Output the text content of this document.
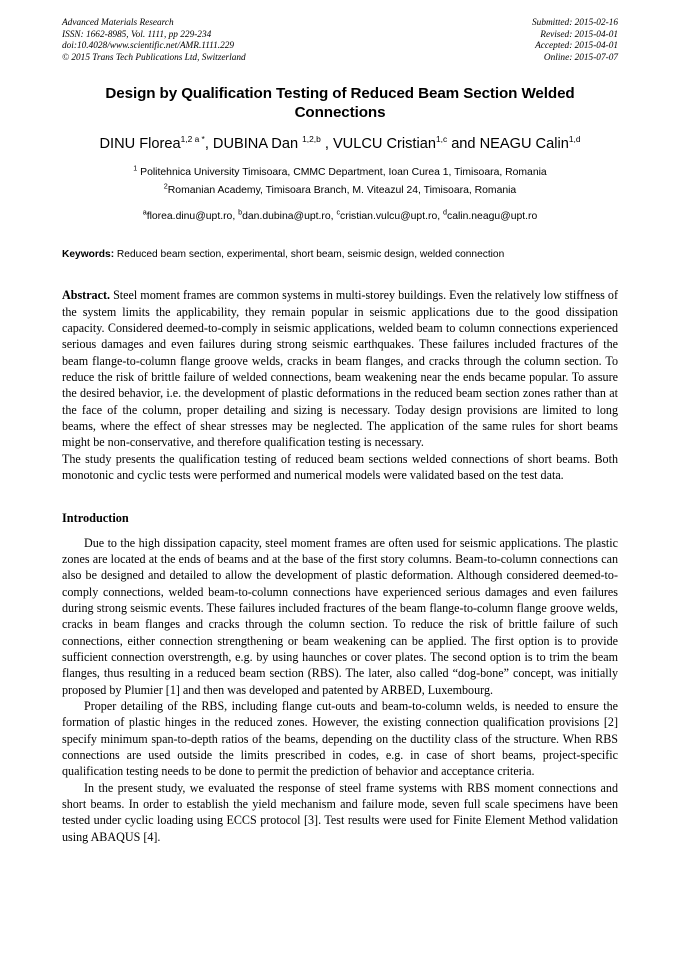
Advanced Materials Research
ISSN: 1662-8985, Vol. 1111, pp 229-234
doi:10.4028/www.scientific.net/AMR.1111.229
© 2015 Trans Tech Publications Ltd, Switzerland
Submitted: 2015-02-16
Revised: 2015-04-01
Accepted: 2015-04-01
Online: 2015-07-07
Design by Qualification Testing of Reduced Beam Section Welded Connections
DINU Florea$^{1,2 a *}$, DUBINA Dan $^{1,2,b}$ , VULCU Cristian$^{1,c}$ and NEAGU Calin$^{1,d}$
$^1$ Politehnica University Timisoara, CMMC Department, Ioan Curea 1, Timisoara, Romania
$^2$Romanian Academy, Timisoara Branch, M. Viteazul 24, Timisoara, Romania
$^a$florea.dinu@upt.ro, $^b$dan.dubina@upt.ro, $^c$cristian.vulcu@upt.ro, $^d$calin.neagu@upt.ro
Keywords: Reduced beam section, experimental, short beam, seismic design, welded connection

Abstract. Steel moment frames are common systems in multi-storey buildings. Even the relatively low stiffness of the system limits the applicability, they remain popular in seismic applications due to the good dissipation capacity. Considered deemed-to-comply in seismic applications, welded beam to column connections experienced serious damages and even failures during strong seismic earthquakes. These failures included fractures of the beam flange-to-column flange groove welds, cracks in beam flanges, and cracks through the column section. To reduce the risk of brittle failure of welded connections, beam weakening near the ends became popular. To assure the desired behavior, i.e. the development of plastic deformations in the reduced beam section zones rather than at the face of the column, proper detailing and sizing is necessary. Today design provisions are limited to long beams, where the effect of shear stresses may be neglected. The application of the same rules for short beams might be non-conservative, and therefore qualification testing is necessary.

The study presents the qualification testing of reduced beam sections welded connections of short beams. Both monotonic and cyclic tests were performed and numerical models were validated based on the test data.

Introduction

Due to the high dissipation capacity, steel moment frames are often used for seismic applications. The plastic zones are located at the ends of beams and at the base of the first story columns. Beam-to-column connections can also be designed and detailed to allow the development of plastic deformation. Although considered deemed-to-comply connections, welded beam-to-column connections have experienced serious damages and even failures during strong seismic events. These failures included fractures of the beam flange-to-column flange groove welds, cracks in beam flanges and cracks through the column section. To reduce the risk of brittle failure of such connections, either connection strengthening or beam weakening can be applied. The first option is to provide sufficient connection overstrength, e.g. by using haunches or cover plates. The second option is to trim the beam flanges, thus resulting in a reduced beam section (RBS). The later, also called “dog-bone” concept, was initially proposed by Plumier [1] and then was developed and patented by ARBED, Luxembourg.

Proper detailing of the RBS, including flange cut-outs and beam-to-column welds, is needed to ensure the formation of plastic hinges in the reduced zones. However, the existing connection qualification provisions [2] specify minimum span-to-depth ratios of the beams, depending on the ductility class of the structure. When RBS connections are used outside the limits prescribed in codes, e.g. in case of short beams, project-specific qualification testing needs to be done to permit the prediction of behavior and acceptance criteria.

In the present study, we evaluated the response of steel frame systems with RBS moment connections and short beams. In order to establish the yield mechanism and failure mode, seven full scale specimens have been tested under cyclic loading using ECCS protocol [3]. Test results were used for Finite Element Method validation using ABAQUS [4].
